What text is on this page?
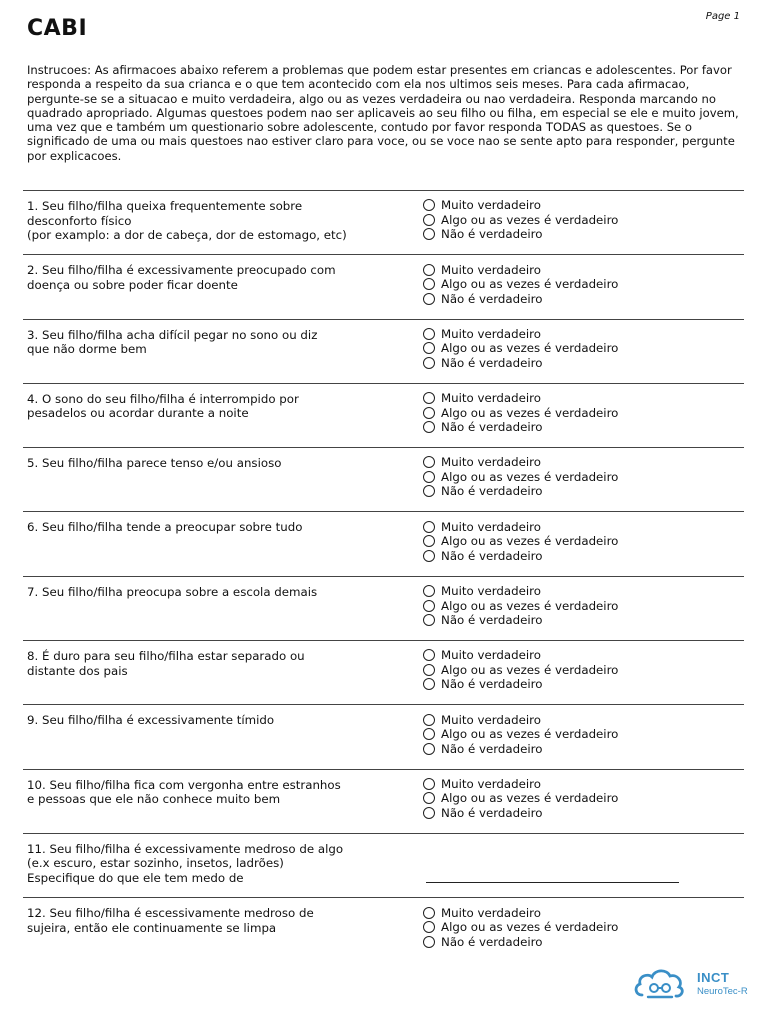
Page 1
CABI

Instrucoes: As afirmacoes abaixo referem a problemas que podem estar presentes em criancas e adolescentes. Por favor responda a respeito da sua crianca e o que tem acontecido com ela nos ultimos seis meses. Para cada afirmacao, pergunte-se se a situacao e muito verdadeira, algo ou as vezes verdadeira ou nao verdadeira. Responda marcando no quadrado apropriado. Algumas questoes podem nao ser aplicaveis ao seu filho ou filha, em especial se ele e muito jovem, uma vez que e também um questionario sobre adolescente, contudo por favor responda TODAS as questoes. Se o significado de uma ou mais questoes nao estiver claro para voce, ou se voce nao se sente apto para responder, pergunte por explicacoes.

1. Seu filho/filha queixa frequentemente sobre
desconforto físico
(por examplo: a dor de cabeça, dor de estomago, etc)

Muito verdadeiro
Algo ou as vezes é verdadeiro
Não é verdadeiro

2. Seu filho/filha é excessivamente preocupado com
doença ou sobre poder ficar doente

Muito verdadeiro
Algo ou as vezes é verdadeiro
Não é verdadeiro

3. Seu filho/filha acha difícil pegar no sono ou diz
que não dorme bem

Muito verdadeiro
Algo ou as vezes é verdadeiro
Não é verdadeiro

4. O sono do seu filho/filha é interrompido por
pesadelos ou acordar durante a noite

Muito verdadeiro
Algo ou as vezes é verdadeiro
Não é verdadeiro

5. Seu filho/filha parece tenso e/ou ansioso	Muito verdadeiro
Algo ou as vezes é verdadeiro
Não é verdadeiro

6. Seu filho/filha tende a preocupar sobre tudo	Muito verdadeiro
Algo ou as vezes é verdadeiro
Não é verdadeiro

7. Seu filho/filha preocupa sobre a escola demais	Muito verdadeiro
Algo ou as vezes é verdadeiro
Não é verdadeiro

8. É duro para seu filho/filha estar separado ou
distante dos pais

Muito verdadeiro
Algo ou as vezes é verdadeiro
Não é verdadeiro

9. Seu filho/filha é excessivamente tímido	Muito verdadeiro
Algo ou as vezes é verdadeiro
Não é verdadeiro

10. Seu filho/filha fica com vergonha entre estranhos
e pessoas que ele não conhece muito bem

Muito verdadeiro
Algo ou as vezes é verdadeiro
Não é verdadeiro

11. Seu filho/filha é excessivamente medroso de algo
(e.x escuro, estar sozinho, insetos, ladrões)
Especifique do que ele tem medo de

12. Seu filho/filha é escessivamente medroso de
sujeira, então ele continuamente se limpa

Muito verdadeiro
Algo ou as vezes é verdadeiro
Não é verdadeiro
INCT
NeuroTec-R
